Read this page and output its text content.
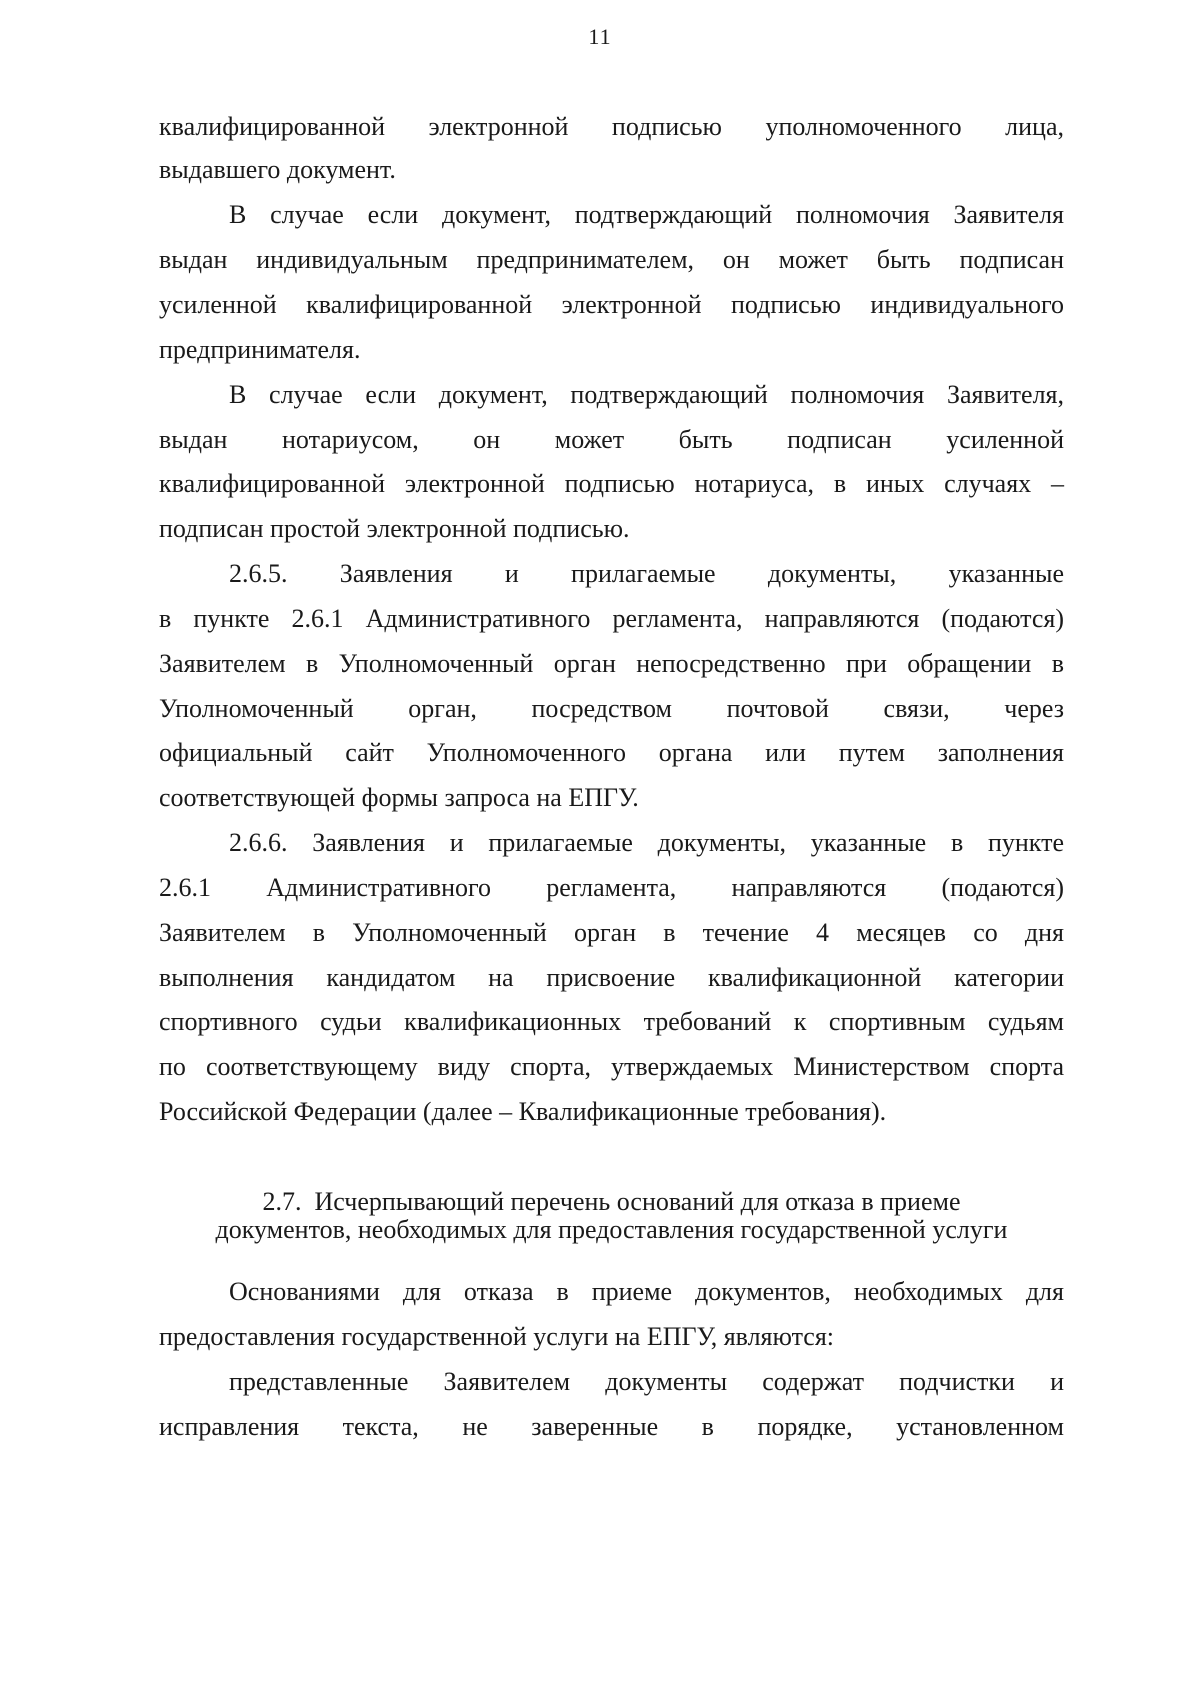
11
квалифицированной электронной подписью уполномоченного лица,
выдавшего документ.
В случае если документ, подтверждающий полномочия Заявителя
выдан индивидуальным предпринимателем, он может быть подписан
усиленной квалифицированной электронной подписью индивидуального
предпринимателя.
В случае если документ, подтверждающий полномочия Заявителя,
выдан нотариусом, он может быть подписан усиленной
квалифицированной электронной подписью нотариуса, в иных случаях –
подписан простой электронной подписью.
2.6.5. Заявления и прилагаемые документы, указанные
в пункте 2.6.1 Административного регламента, направляются (подаются)
Заявителем в Уполномоченный орган непосредственно при обращении в
Уполномоченный орган, посредством почтовой связи, через
официальный сайт Уполномоченного органа или путем заполнения
соответствующей формы запроса на ЕПГУ.
2.6.6. Заявления и прилагаемые документы, указанные в пункте
2.6.1 Административного регламента, направляются (подаются)
Заявителем в Уполномоченный орган в течение 4 месяцев со дня
выполнения кандидатом на присвоение квалификационной категории
спортивного судьи квалификационных требований к спортивным судьям
по соответствующему виду спорта, утверждаемых Министерством спорта
Российской Федерации (далее – Квалификационные требования).
2.7.  Исчерпывающий перечень оснований для отказа в приеме
документов, необходимых для предоставления государственной услуги
Основаниями для отказа в приеме документов, необходимых для
предоставления государственной услуги на ЕПГУ, являются:
представленные Заявителем документы содержат подчистки и
исправления текста, не заверенные в порядке, установленном
